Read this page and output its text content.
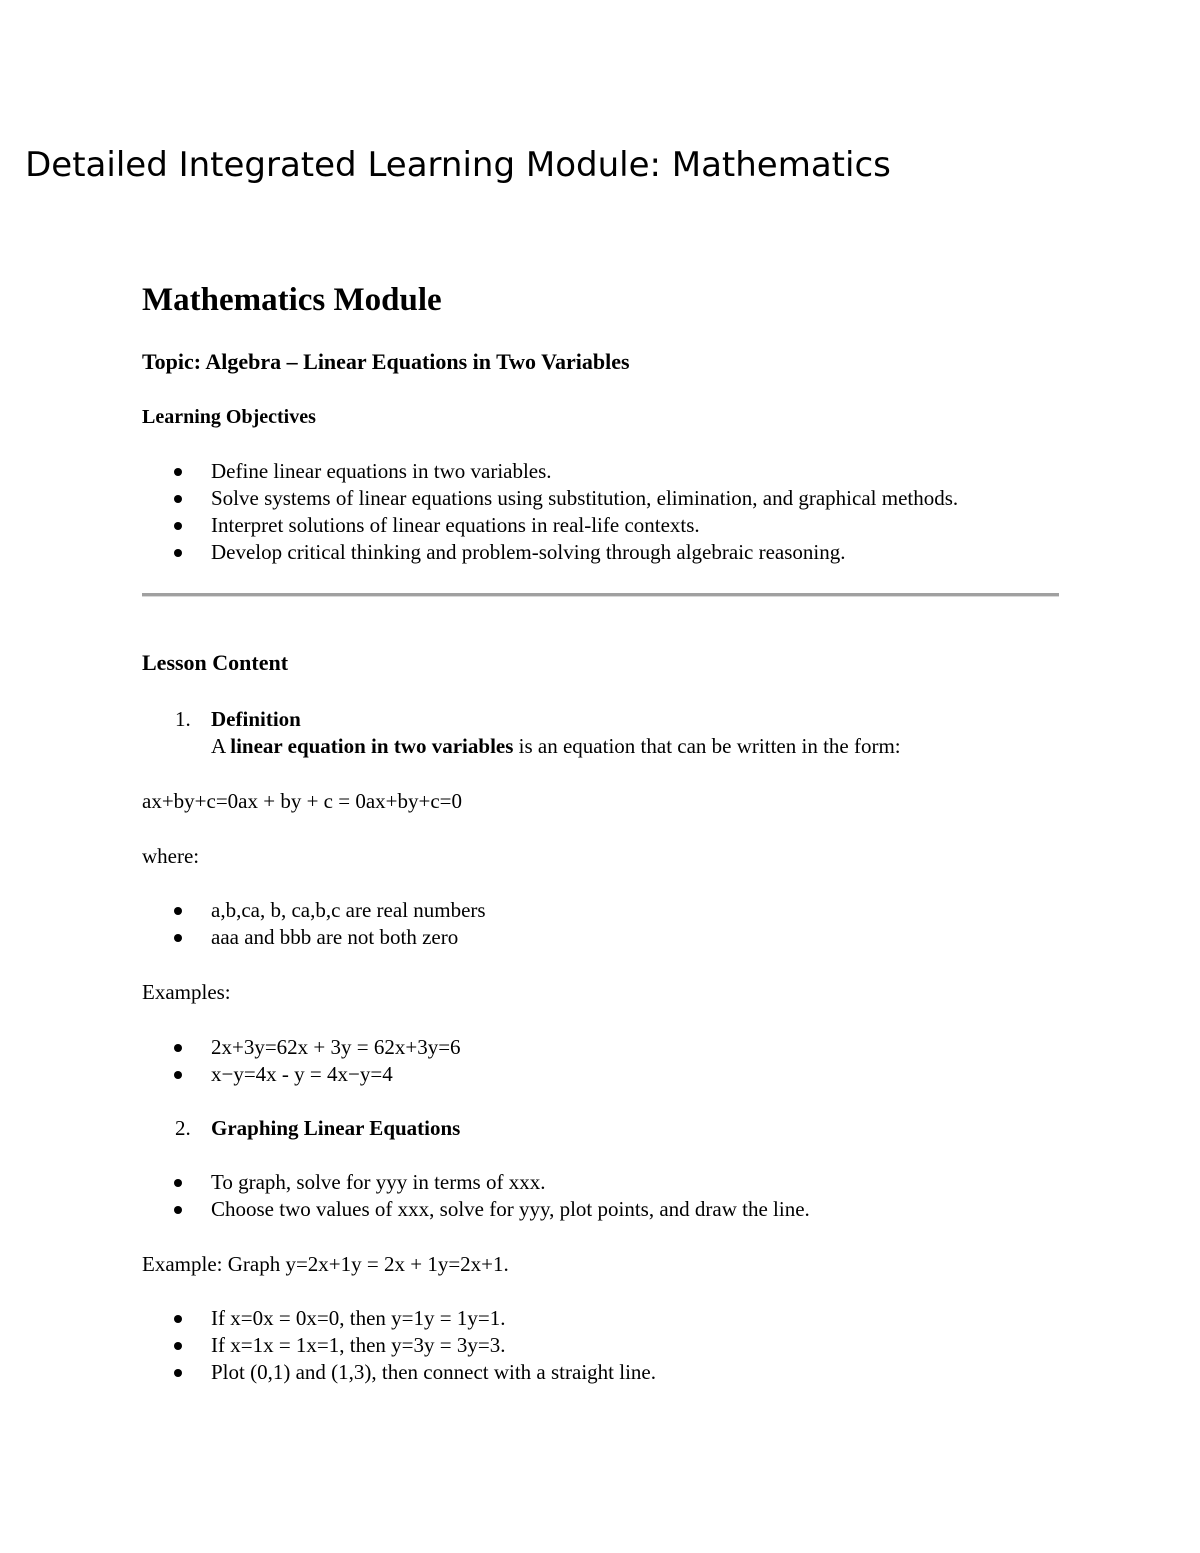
Detailed Integrated Learning Module: Mathematics
Mathematics Module
Topic: Algebra – Linear Equations in Two Variables
Learning Objectives
Define linear equations in two variables.
Solve systems of linear equations using substitution, elimination, and graphical methods.
Interpret solutions of linear equations in real-life contexts.
Develop critical thinking and problem-solving through algebraic reasoning.
Lesson Content
1. Definition
A linear equation in two variables is an equation that can be written in the form:
ax+by+c=0ax + by + c = 0ax+by+c=0
where:
a,b,ca, b, ca,b,c are real numbers
aaa and bbb are not both zero
Examples:
2x+3y=62x + 3y = 62x+3y=6
x−y=4x - y = 4x−y=4
2. Graphing Linear Equations
To graph, solve for yyy in terms of xxx.
Choose two values of xxx, solve for yyy, plot points, and draw the line.
Example: Graph y=2x+1y = 2x + 1y=2x+1.
If x=0x = 0x=0, then y=1y = 1y=1.
If x=1x = 1x=1, then y=3y = 3y=3.
Plot (0,1) and (1,3), then connect with a straight line.
